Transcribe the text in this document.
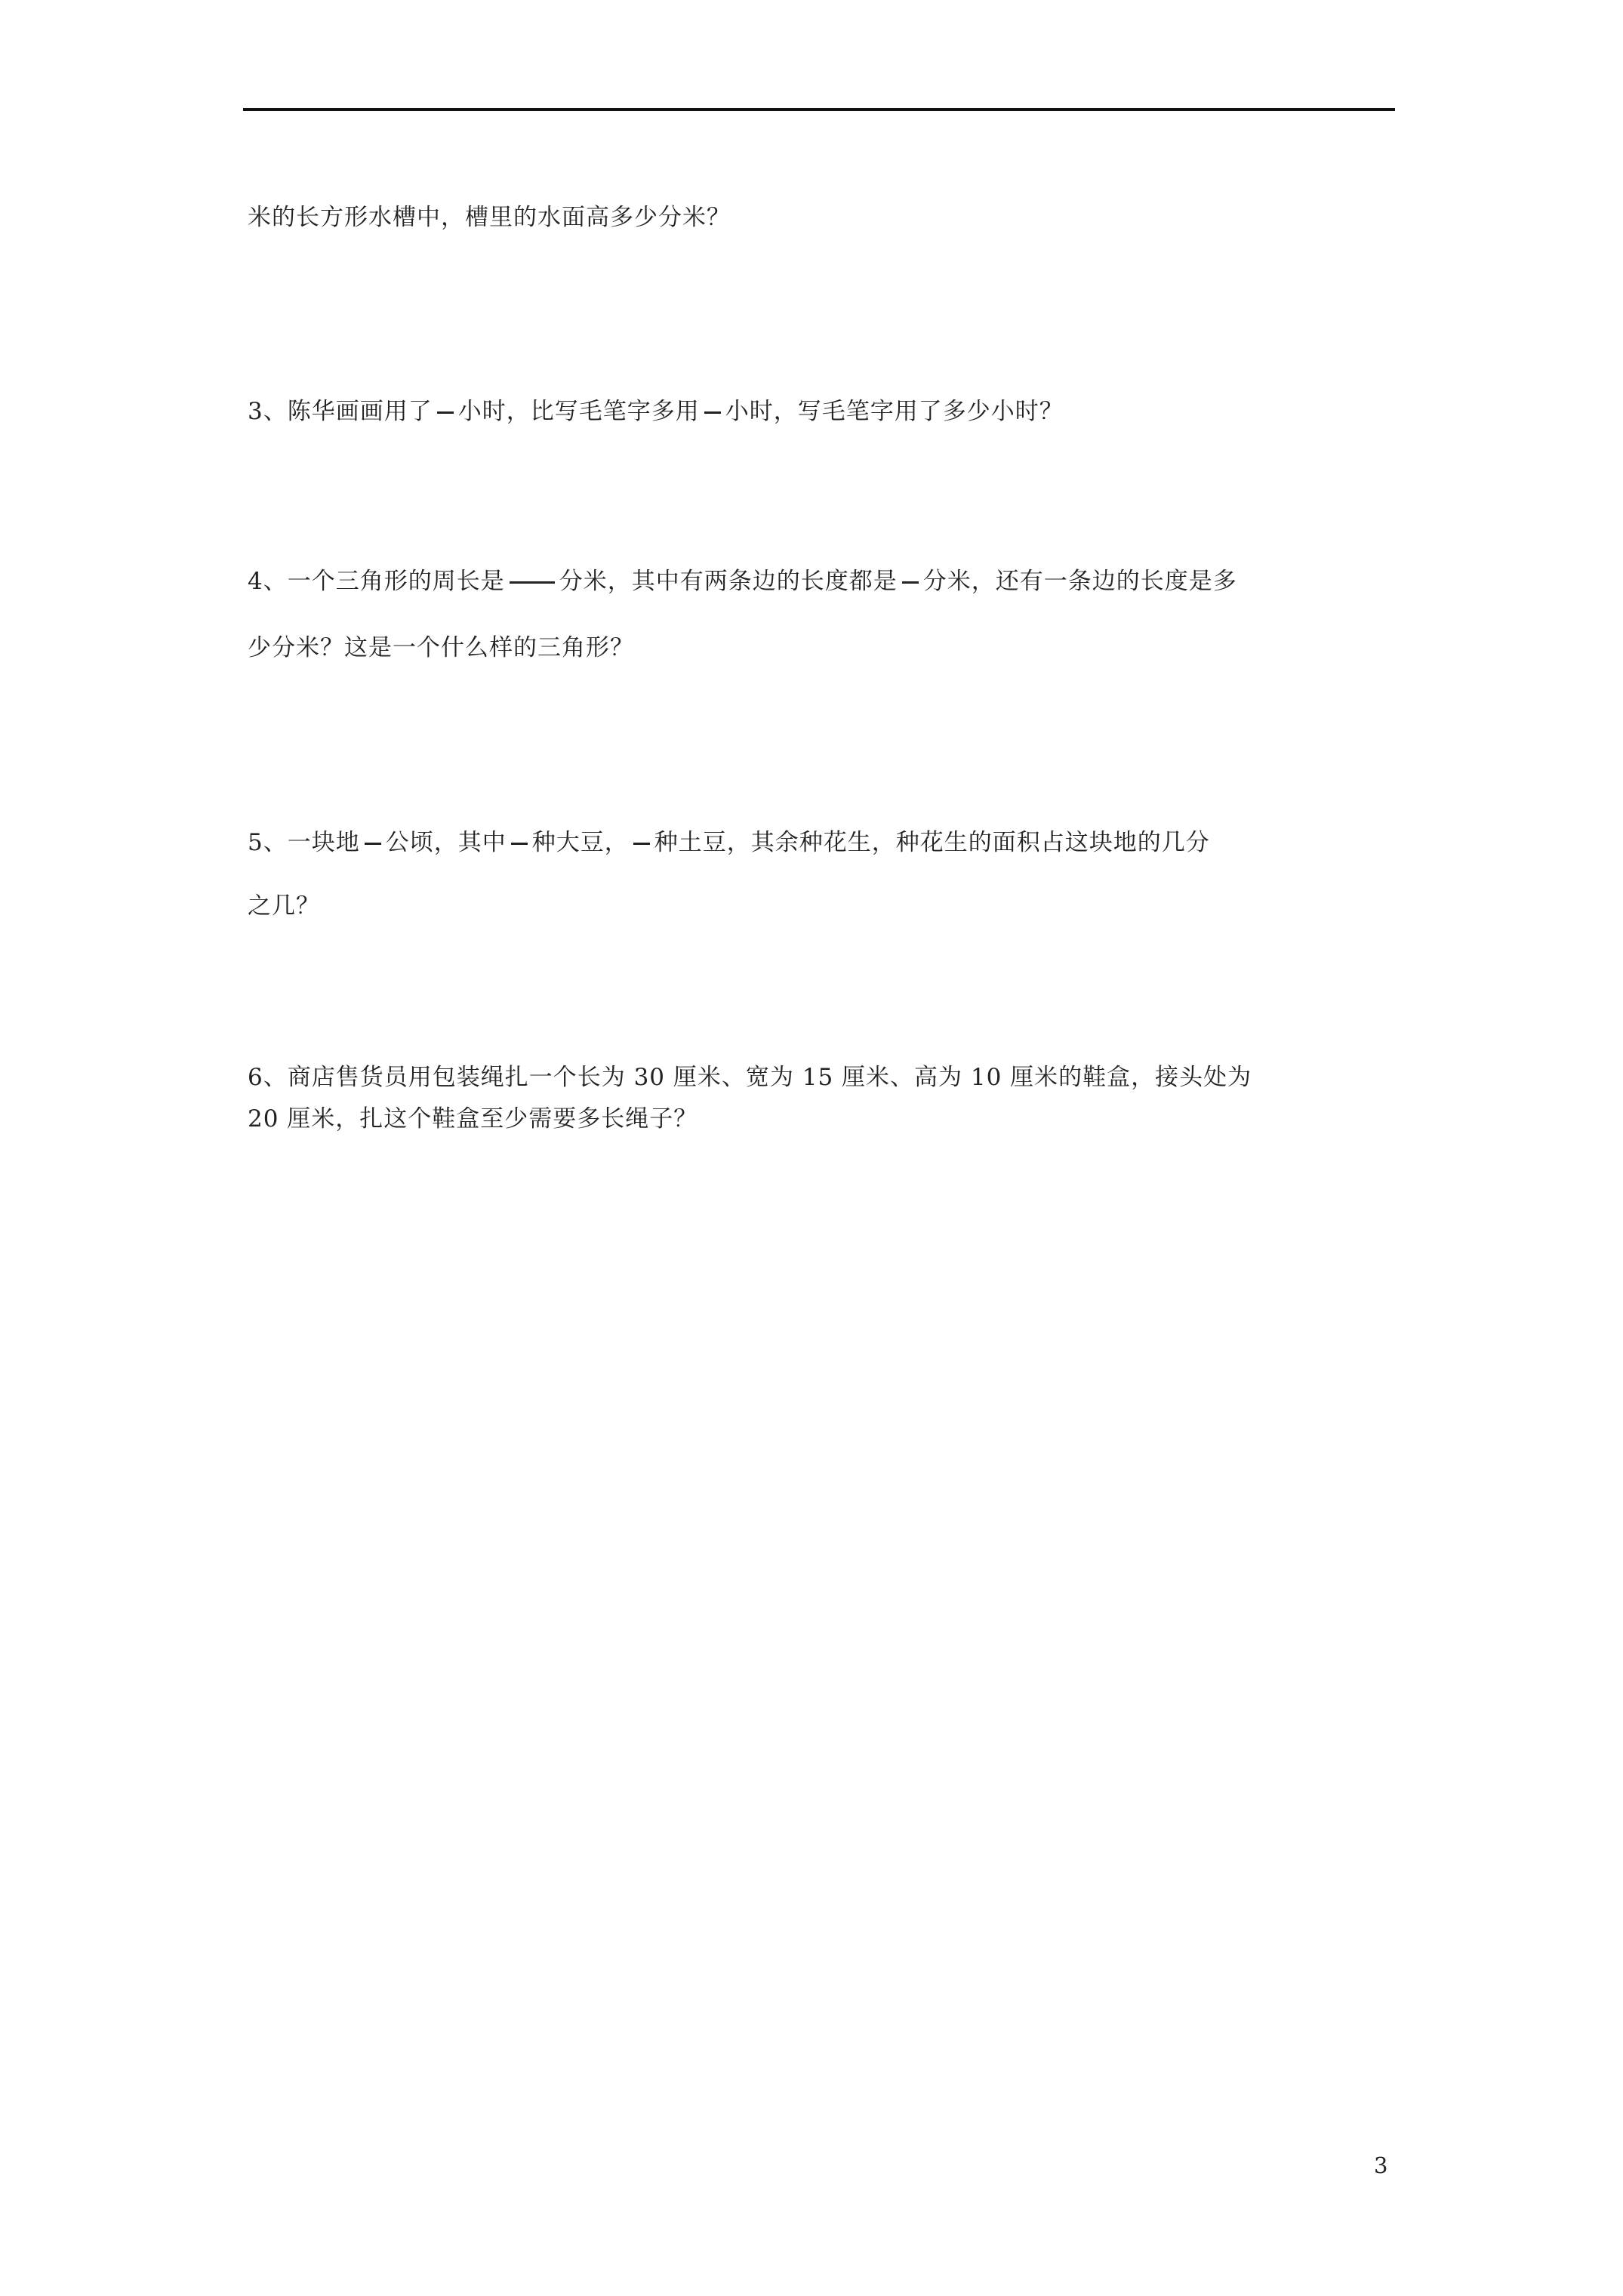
米的长方形水槽中，槽里的水面高多少分米？
3、陈华画画用了 小时，比写毛笔字多用 小时，写毛笔字用了多少小时？
4、一个三角形的周长是 分米，其中有两条边的长度都是 分米，还有一条边的长度是多
少分米？这是一个什么样的三角形？
5、一块地 公顷，其中 种大豆， 种土豆，其余种花生，种花生的面积占这块地的几分
之几？
6、商店售货员用包装绳扎一个长为 30 厘米、宽为 15 厘米、高为 10 厘米的鞋盒，接头处为
20 厘米，扎这个鞋盒至少需要多长绳子？
3
